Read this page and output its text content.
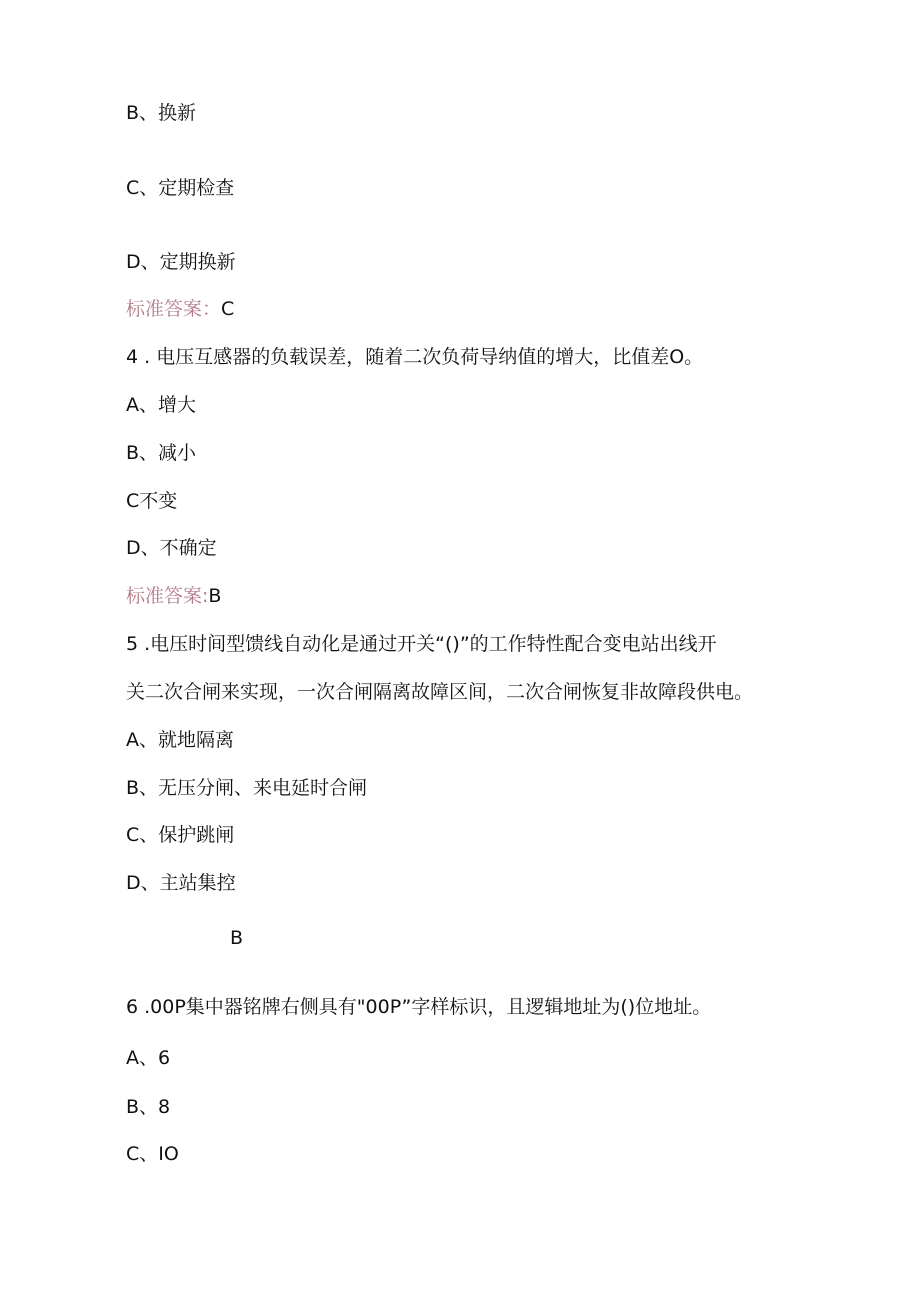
B、换新
C、定期检查
D、定期换新
标准答案：C
4 . 电压互感器的负载误差，随着二次负荷导纳值的增大，比值差O。
A、增大
B、减小
C不变
D、不确定
标准答案:B
5 .电压时间型馈线自动化是通过开关“()”的工作特性配合变电站出线开
关二次合闸来实现，一次合闸隔离故障区间，二次合闸恢复非故障段供电。
A、就地隔离
B、无压分闸、来电延时合闸
C、保护跳闸
D、主站集控
B
6 .00P集中器铭牌右侧具有"00P”字样标识，且逻辑地址为()位地址。
A、6
B、8
C、IO
